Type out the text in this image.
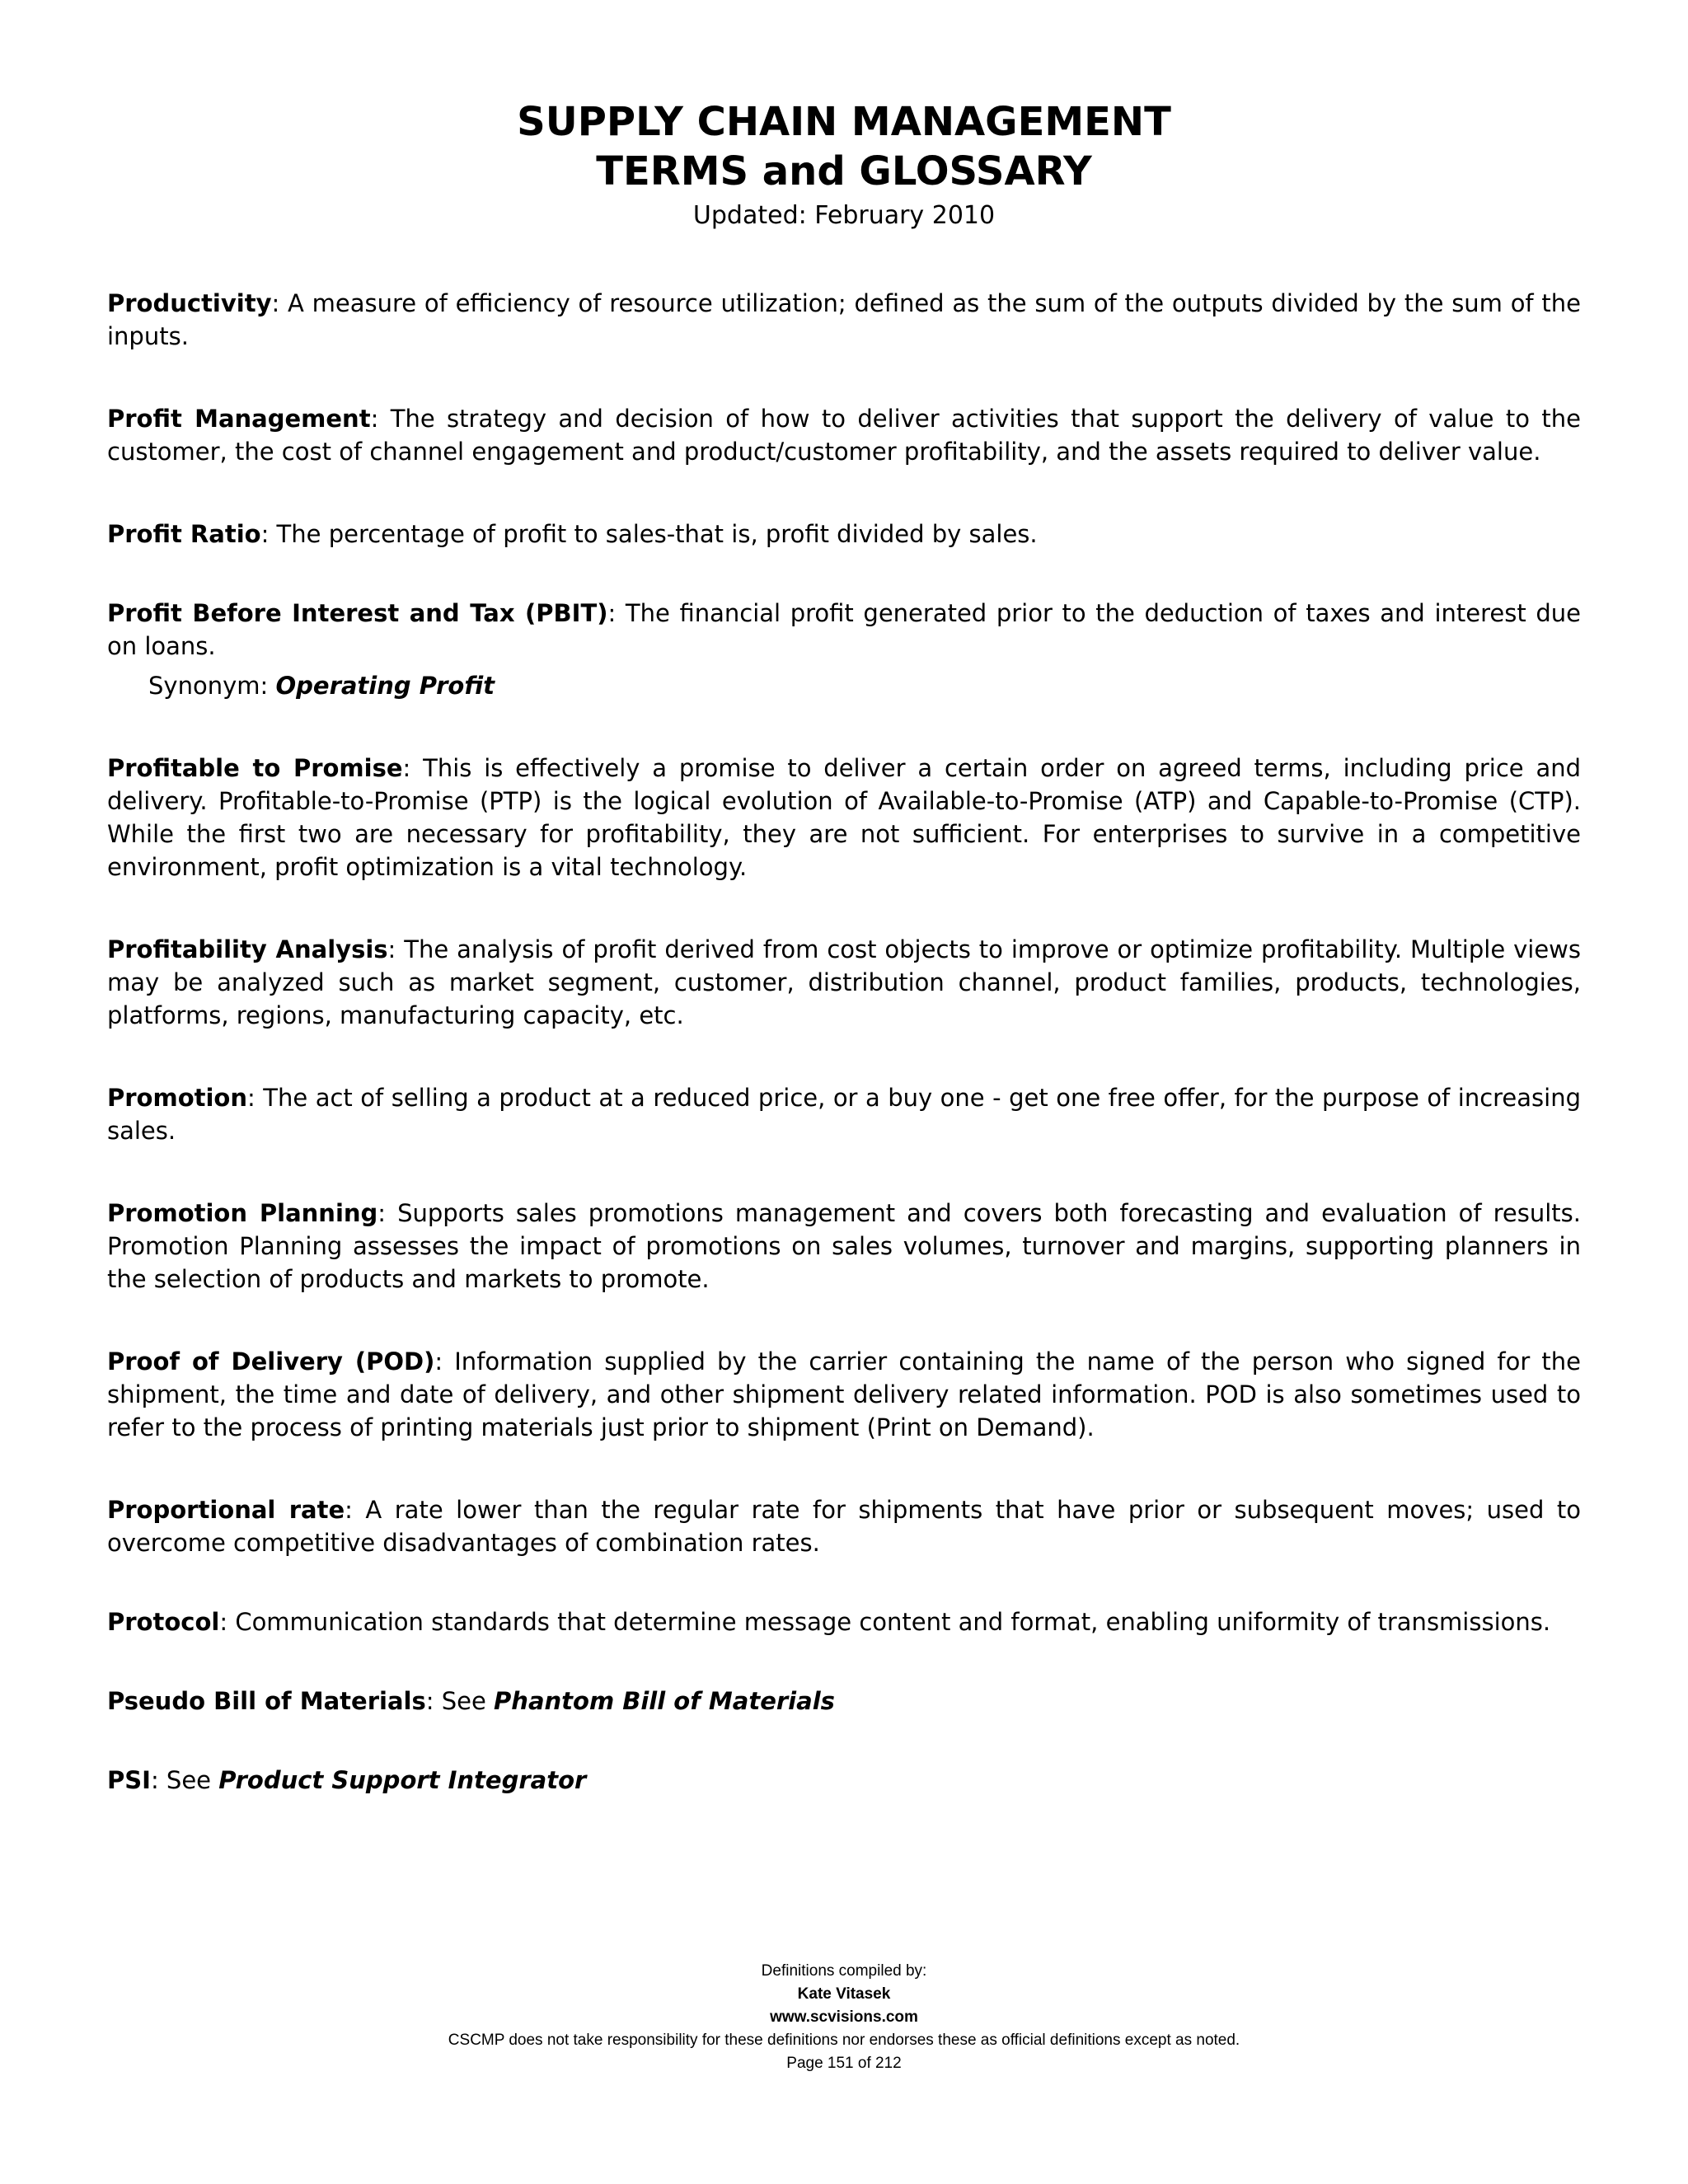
SUPPLY CHAIN MANAGEMENT
TERMS and GLOSSARY
Updated: February 2010
Productivity: A measure of efficiency of resource utilization; defined as the sum of the outputs divided by the sum of the inputs.
Profit Management: The strategy and decision of how to deliver activities that support the delivery of value to the customer, the cost of channel engagement and product/customer profitability, and the assets required to deliver value.
Profit Ratio: The percentage of profit to sales-that is, profit divided by sales.
Profit Before Interest and Tax (PBIT): The financial profit generated prior to the deduction of taxes and interest due on loans.
Synonym: Operating Profit
Profitable to Promise: This is effectively a promise to deliver a certain order on agreed terms, including price and delivery. Profitable-to-Promise (PTP) is the logical evolution of Available-to-Promise (ATP) and Capable-to-Promise (CTP). While the first two are necessary for profitability, they are not sufficient. For enterprises to survive in a competitive environment, profit optimization is a vital technology.
Profitability Analysis: The analysis of profit derived from cost objects to improve or optimize profitability. Multiple views may be analyzed such as market segment, customer, distribution channel, product families, products, technologies, platforms, regions, manufacturing capacity, etc.
Promotion: The act of selling a product at a reduced price, or a buy one - get one free offer, for the purpose of increasing sales.
Promotion Planning: Supports sales promotions management and covers both forecasting and evaluation of results. Promotion Planning assesses the impact of promotions on sales volumes, turnover and margins, supporting planners in the selection of products and markets to promote.
Proof of Delivery (POD): Information supplied by the carrier containing the name of the person who signed for the shipment, the time and date of delivery, and other shipment delivery related information. POD is also sometimes used to refer to the process of printing materials just prior to shipment (Print on Demand).
Proportional rate: A rate lower than the regular rate for shipments that have prior or subsequent moves; used to overcome competitive disadvantages of combination rates.
Protocol: Communication standards that determine message content and format, enabling uniformity of transmissions.
Pseudo Bill of Materials: See Phantom Bill of Materials
PSI: See Product Support Integrator
Definitions compiled by:
Kate Vitasek
www.scvisions.com
CSCMP does not take responsibility for these definitions nor endorses these as official definitions except as noted.
Page 151 of 212
